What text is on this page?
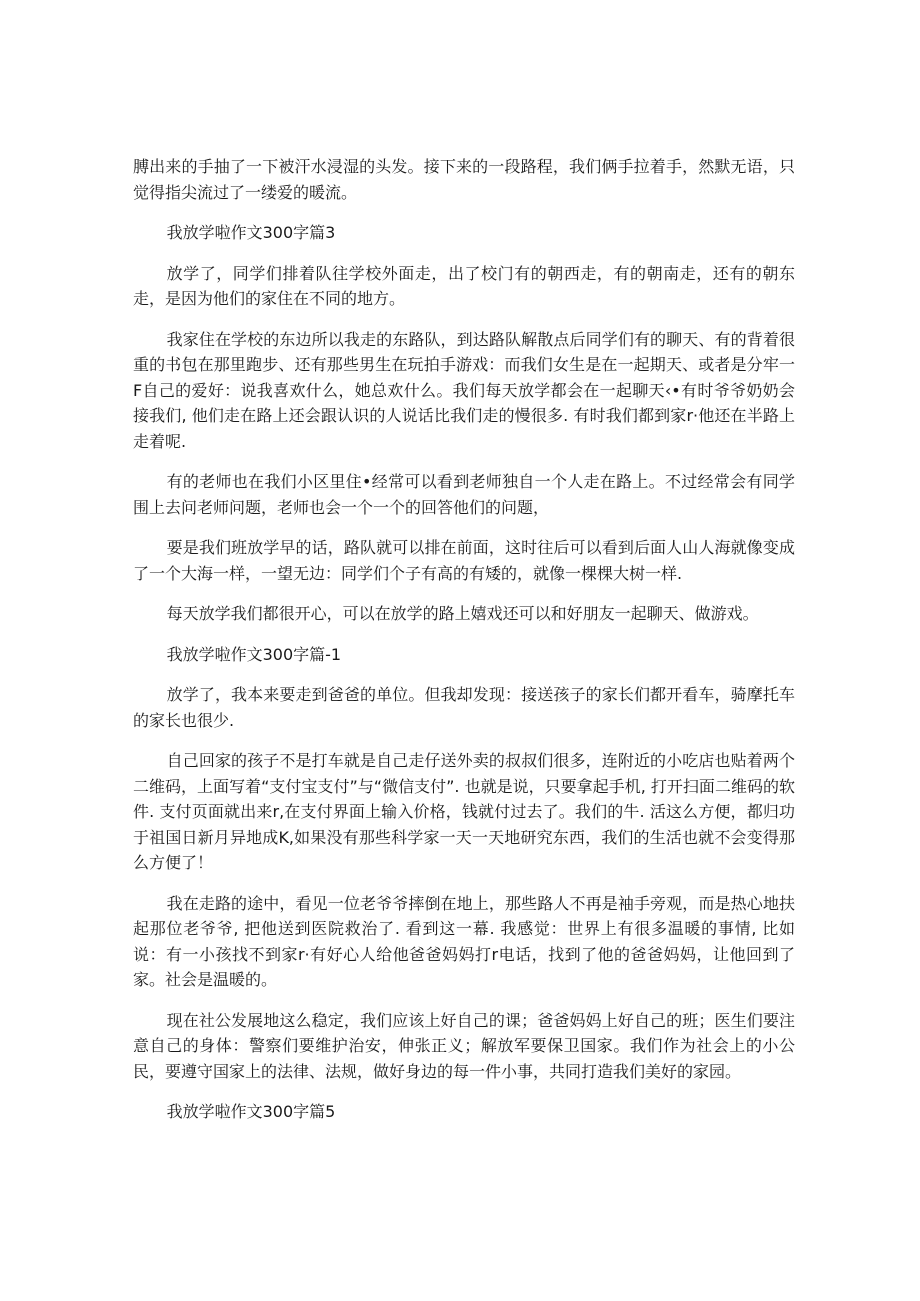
膊出来的手抽了一下被汗水浸湿的头发。接下来的一段路程，我们俩手拉着手，然默无语，只觉得指尖流过了一缕爱的暖流。

我放学啦作文300字篇3

放学了，同学们排着队往学校外面走，出了校门有的朝西走，有的朝南走，还有的朝东走，是因为他们的家住在不同的地方。

我家住在学校的东边所以我走的东路队，到达路队解散点后同学们有的聊天、有的背着很重的书包在那里跑步、还有那些男生在玩拍手游戏：而我们女生是在一起期天、或者是分牢一F自己的爱好：说我喜欢什么，她总欢什么。我们每天放学都会在一起聊天‹•有时爷爷奶奶会接我们, 他们走在路上还会跟认识的人说话比我们走的慢很多. 有时我们都到家r·他还在半路上走着呢.

有的老师也在我们小区里住•经常可以看到老师独自一个人走在路上。不过经常会有同学围上去问老师问题，老师也会一个一个的回答他们的问题，

要是我们班放学早的话，路队就可以排在前面，这时往后可以看到后面人山人海就像变成了一个大海一样，一望无边：同学们个子有高的有矮的，就像一棵棵大树一样.

每天放学我们都很开心，可以在放学的路上嬉戏还可以和好朋友一起聊天、做游戏。

我放学啦作文300字篇-1

放学了，我本来要走到爸爸的单位。但我却发现：接送孩子的家长们都开看车，骑摩托车的家长也很少.

自己回家的孩子不是打车就是自己走仔送外卖的叔叔们很多，连附近的小吃店也贴着两个二维码，上面写着“支付宝支付”与“微信支付”. 也就是说，只要拿起手机, 打开扫面二维码的软件. 支付页面就出来r,在支付界面上输入价格，钱就付过去了。我们的牛. 活这么方便，都归功于祖国日新月异地成K,如果没有那些科学家一天一天地研究东西，我们的生活也就不会变得那么方便了！

我在走路的途中，看见一位老爷爷摔倒在地上，那些路人不再是袖手旁观，而是热心地扶起那位老爷爷, 把他送到医院救治了. 看到这一幕. 我感觉：世界上有很多温暖的事情, 比如说：有一小孩找不到家r·有好心人给他爸爸妈妈打r电话，找到了他的爸爸妈妈，让他回到了家。社会是温暖的。

现在社公发展地这么稳定，我们应该上好自己的课；爸爸妈妈上好自己的班；医生们要注意自己的身体：警察们要维护治安，伸张正义；解放军要保卫国家。我们作为社会上的小公民，要遵守国家上的法律、法规，做好身边的每一件小事，共同打造我们美好的家园。

我放学啦作文300字篇5
